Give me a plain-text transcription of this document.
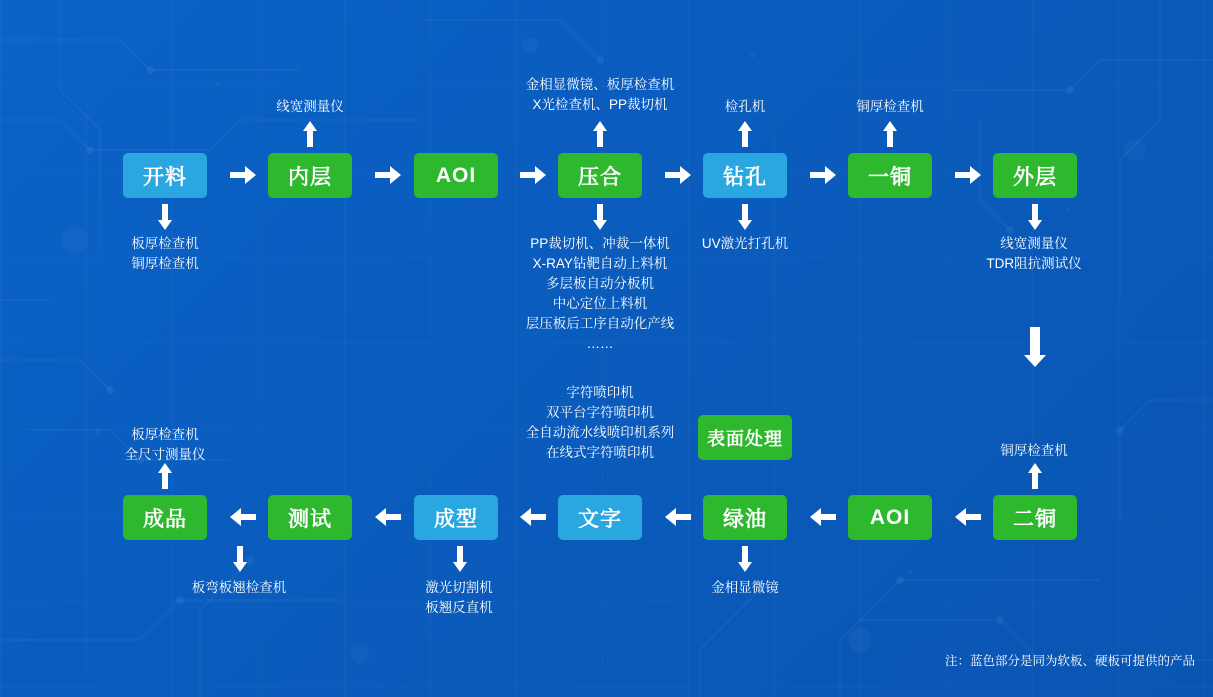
开料	内层	AOI	压合	钻孔	一铜	外层
成品	测试	成型	文字	绿油	AOI	二铜
表面处理
板厚检查机
铜厚检查机
线宽测量仪
金相显微镜、板厚检查机
X光检查机、PP裁切机
PP裁切机、冲裁一体机
X-RAY钻靶自动上料机
多层板自动分板机
中心定位上料机
层压板后工序自动化产线
……
检孔机
UV激光打孔机
铜厚检查机
线宽测量仪
TDR阻抗测试仪
铜厚检查机
金相显微镜
字符喷印机
双平台字符喷印机
全自动流水线喷印机系列
在线式字符喷印机
激光切割机
板翘反直机
板弯板翘检查机
板厚检查机
全尺寸测量仪
注：蓝色部分是同为软板、硬板可提供的产品
